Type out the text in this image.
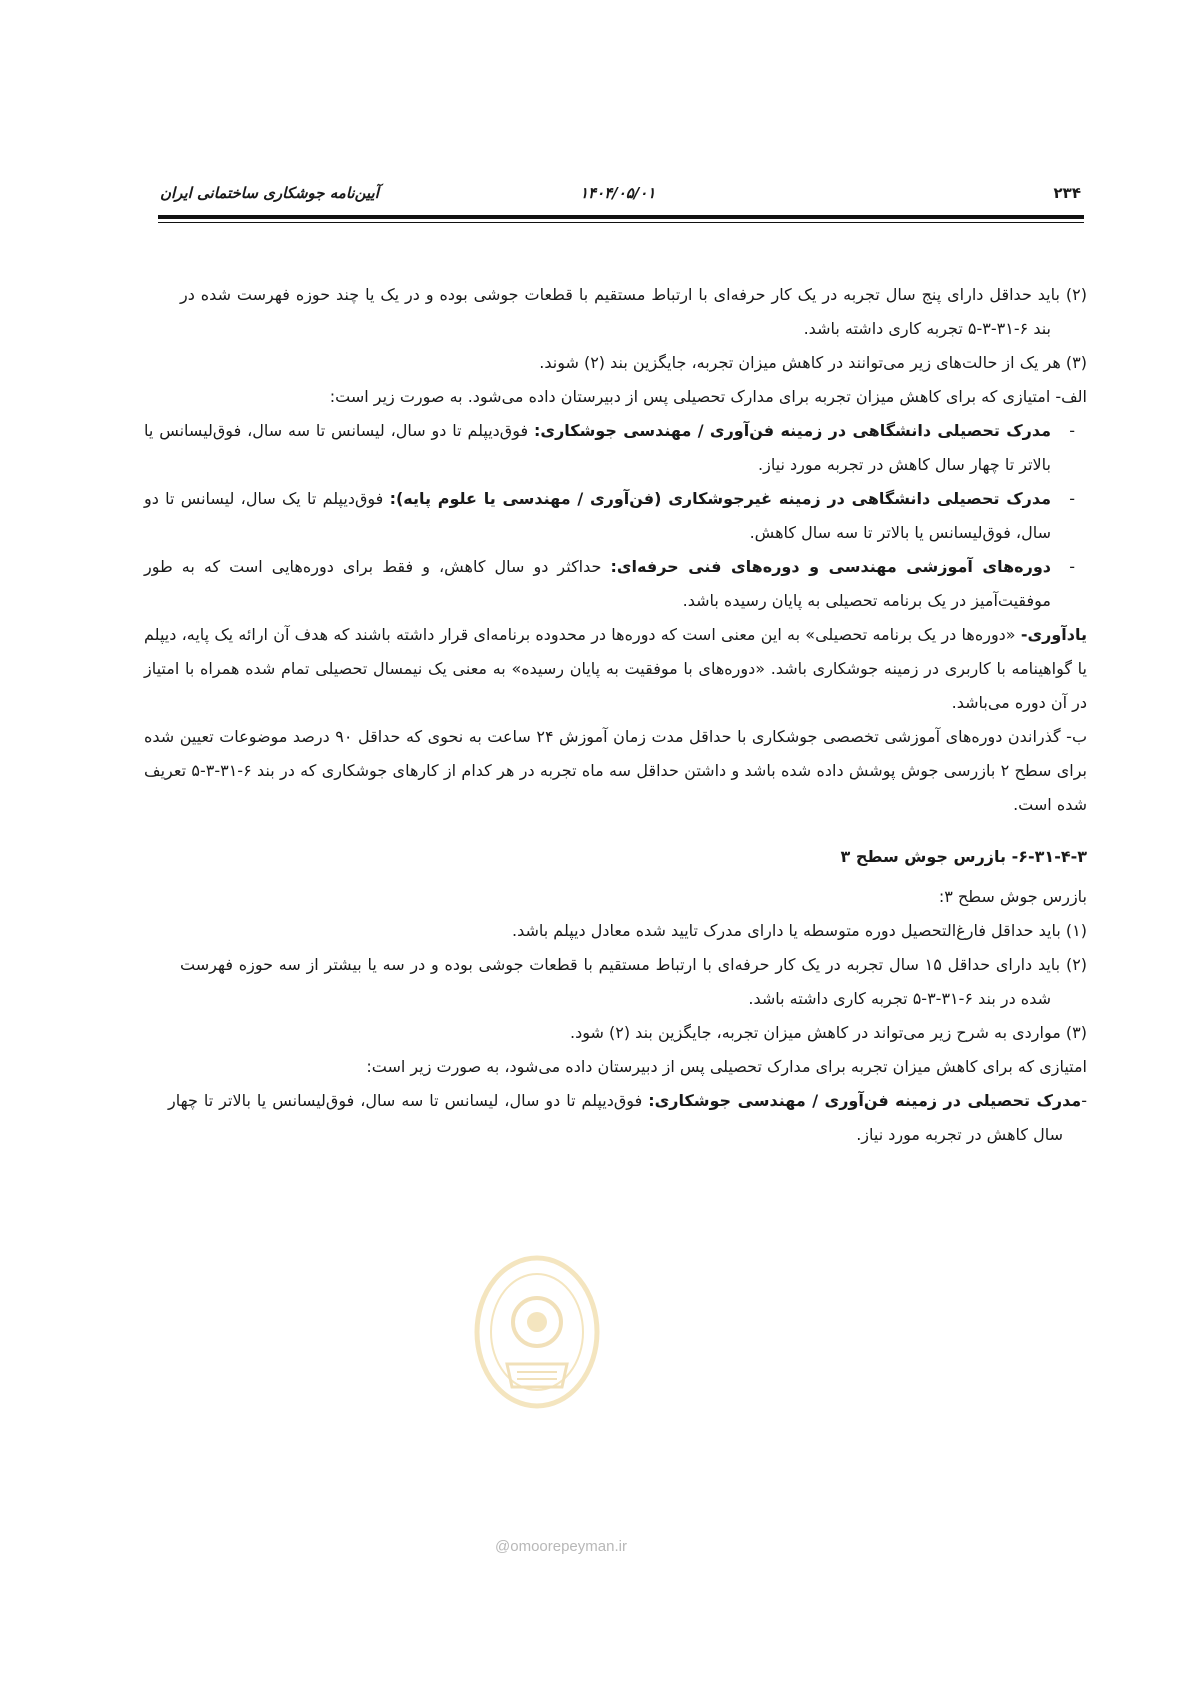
آیین‌نامه جوشکاری ساختمانی ایران	۱۴۰۴/۰۵/۰۱	۲۳۴

(۲) باید حداقل دارای پنج سال تجربه در یک کار حرفه‌ای با ارتباط مستقیم با قطعات جوشی بوده و در یک یا چند حوزه فهرست شده در بند ۶-۳۱-۳-۵ تجربه کاری داشته باشد.

(۳) هر یک از حالت‌های زیر می‌توانند در کاهش میزان تجربه، جایگزین بند (۲) شوند.

الف- امتیازی که برای کاهش میزان تجربه برای مدارک تحصیلی پس از دبیرستان داده می‌شود. به صورت زیر است:

-مدرک تحصیلی دانشگاهی در زمینه فن‌آوری / مهندسی جوشکاری: فوق‌دیپلم تا دو سال، لیسانس تا سه سال، فوق‌لیسانس یا بالاتر تا چهار سال کاهش در تجربه مورد نیاز.

-مدرک تحصیلی دانشگاهی در زمینه غیرجوشکاری (فن‌آوری / مهندسی یا علوم پایه): فوق‌دیپلم تا یک سال، لیسانس تا دو سال، فوق‌لیسانس یا بالاتر تا سه سال کاهش.

-دوره‌های آموزشی مهندسی و دوره‌های فنی حرفه‌ای: حداکثر دو سال کاهش، و فقط برای دوره‌هایی است که به طور موفقیت‌آمیز در یک برنامه تحصیلی به پایان رسیده باشد.

یادآوری- «دوره‌ها در یک برنامه تحصیلی» به این معنی است که دوره‌ها در محدوده برنامه‌ای قرار داشته باشند که هدف آن ارائه یک پایه، دیپلم یا گواهینامه با کاربری در زمینه جوشکاری باشد. «دوره‌های با موفقیت به پایان رسیده» به معنی یک نیمسال تحصیلی تمام شده همراه با امتیاز در آن دوره می‌باشد.

ب- گذراندن دوره‌های آموزشی تخصصی جوشکاری با حداقل مدت زمان آموزش ۲۴ ساعت به نحوی که حداقل ۹۰ درصد موضوعات تعیین شده برای سطح ۲ بازرسی جوش پوشش داده شده باشد و داشتن حداقل سه ماه تجربه در هر کدام از کارهای جوشکاری که در بند ۶-۳۱-۳-۵ تعریف شده است.

۶-۳۱-۴-۳- بازرس جوش سطح ۳

بازرس جوش سطح ۳:

(۱) باید حداقل فارغ‌التحصیل دوره متوسطه یا دارای مدرک تایید شده معادل دیپلم باشد.

(۲) باید دارای حداقل ۱۵ سال تجربه در یک کار حرفه‌ای با ارتباط مستقیم با قطعات جوشی بوده و در سه یا بیشتر از سه حوزه فهرست شده در بند ۶-۳۱-۳-۵ تجربه کاری داشته باشد.

(۳) مواردی به شرح زیر می‌تواند در کاهش میزان تجربه، جایگزین بند (۲) شود.

امتیازی که برای کاهش میزان تجربه برای مدارک تحصیلی پس از دبیرستان داده می‌شود، به صورت زیر است:

-مدرک تحصیلی در زمینه فن‌آوری / مهندسی جوشکاری: فوق‌دیپلم تا دو سال، لیسانس تا سه سال، فوق‌لیسانس یا بالاتر تا چهار سال کاهش در تجربه مورد نیاز.

@omoorepeyman.ir
